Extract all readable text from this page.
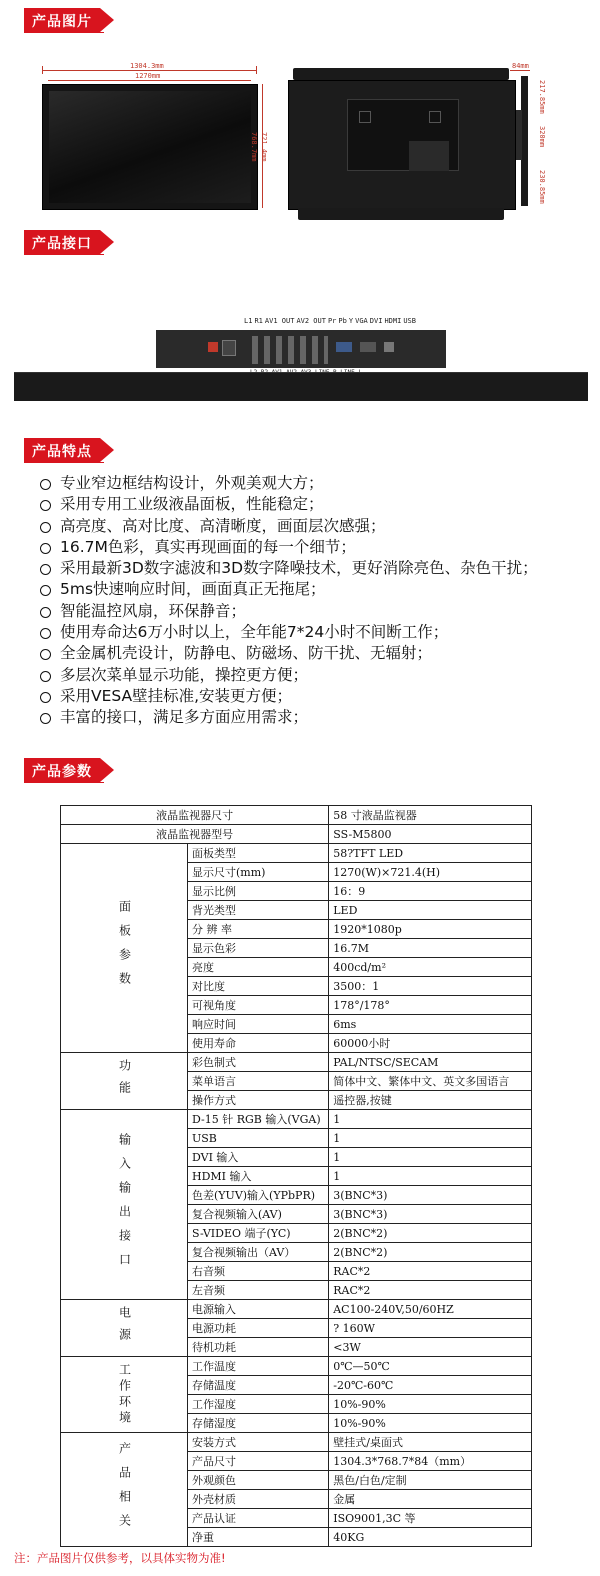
产品图片
1304.3mm
1270mm
768.7mm 721.4mm
84mm
217.85mm
320mm
230.85mm
产品接口
L1 R1 AV1 OUT AV2 OUT Pr Pb Y VGA DVI HDMI USB
产品特点
专业窄边框结构设计，外观美观大方；
采用专用工业级液晶面板，性能稳定；
高亮度、高对比度、高清晰度，画面层次感强；
16.7M色彩，真实再现画面的每一个细节；
采用最新3D数字滤波和3D数字降噪技术，更好消除亮色、杂色干扰；
5ms快速响应时间，画面真正无拖尾；
智能温控风扇，环保静音；
使用寿命达6万小时以上，全年能7*24小时不间断工作；
全金属机壳设计，防静电、防磁场、防干扰、无辐射；
多层次菜单显示功能，操控更方便；
采用VESA壁挂标准,安装更方便；
丰富的接口，满足多方面应用需求；
产品参数
液晶监视器尺寸		58 寸液晶监视器
液晶监视器型号		SS-M5800

面板参数	面板类型	58?TFT LED
	显示尺寸(mm)	1270(W)×721.4(H)
	显示比例	16：9
	背光类型	LED
	分 辨 率	1920*1080p
	显示色彩	16.7M
	亮度	400cd/m²
	对比度	3500：1
	可视角度	178°/178°
	响应时间	6ms
	使用寿命	60000小时

功能	彩色制式	PAL/NTSC/SECAM
	菜单语言	简体中文、繁体中文、英文多国语言
	操作方式	遥控器,按键

输入输出接口	D-15 针 RGB 输入(VGA)	1
	USB	1
	DVI 输入	1
	HDMI 输入	1
	色差(YUV)输入(YPbPR)	3(BNC*3)
	复合视频输入(AV)	3(BNC*3)
	S-VIDEO 端子(YC)	2(BNC*2)
	复合视频输出（AV）	2(BNC*2)
	右音频	RAC*2
	左音频	RAC*2

电源	电源输入	AC100-240V,50/60HZ
	电源功耗	? 160W
	待机功耗	<3W

工作环境	工作温度	0℃—50℃
	存储温度	-20℃-60℃
	工作湿度	10%-90%
	存储湿度	10%-90%

产品相关	安装方式	壁挂式/桌面式
	产品尺寸	1304.3*768.7*84（mm）
	外观颜色	黑色/白色/定制
	外壳材质	金属
	产品认证	ISO9001,3C 等
	净重	40KG
注：产品图片仅供参考，以具体实物为准!
